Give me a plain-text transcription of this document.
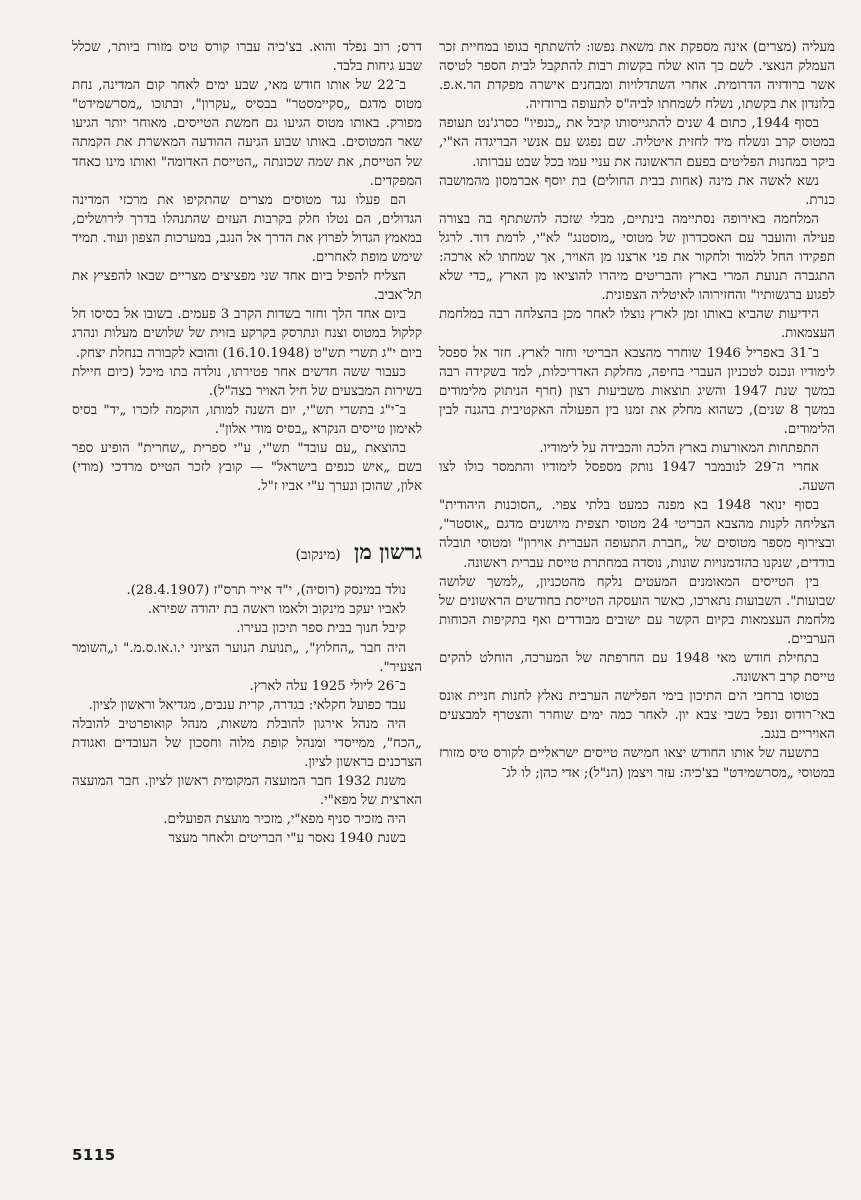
מעליה (מצרים) אינה מספקת את משאת נפשו: להשתתף בגופו במחיית זכר העמלק הנאצי. לשם כך הוא שלח בקשות רבות להתקבל לבית הספר לטיסה אשר ברודזיה הדרומית. אחרי השתדלויות ומבחנים אישרה מפקדת הר.א.פ. בלונדון את בקשתו, נשלח לשמחתו לביה"ס לתעופה ברודזיה.

בסוף 1944, כתום 4 שנים להתגייסותו קיבל את „כנפיו" כסרג'נט תעופה במטוס קרב ונשלח מיד לחזית איטליה. שם נפגש עם אנשי הבריגדה הא"י, ביקר במחנות הפליטים בפעם הראשונה את עניי עמו בכל שבט עברותו.

נשא לאשה את מינה (אחות בבית החולים) בת יוסף אברמסון מהמושבה כנרת.

המלחמה באירופה נסתיימה בינתיים, מבלי שזכה להשתתף בה בצורה פעילה והועבר עם האסכדרון של מטוסי „מוסטנג" לא"י, לרמת דוד. לרגל תפקידו החל ללמוד ולחקור את פני ארצנו מן האויר, אך שמחתו לא ארכה: התגברה תנועת המרי בארץ והבריטים מיהרו להוציאו מן הארץ „כדי שלא לפגוע ברגשותיו" והחזירוהו לאיטליה הצפונית.

הידיעות שהביא באותו זמן לארץ נוצלו לאחר מכן בהצלחה רבה במלחמת העצמאות.

ב־31 באפריל 1946 שוחרר מהצבא הבריטי וחזר לארץ. חזר אל ספסל לימודיו ונכנס לטכניון העברי בחיפה, מחלקת האדריכלות, למד בשקידה רבה במשך שנת 1947 והשיג תוצאות משביעות רצון (חרף הניתוק מלימודים במשך 8 שנים), כשהוא מחלק את זמנו בין הפעולה האקטיבית בהגנה לבין הלימודים.

התפתחות המאורעות בארץ הלכה והכבידה על לימודיו.

אחרי ה־29 לנובמבר 1947 נותק מספסל לימודיו והתמסר כולו לצו השעה.

בסוף ינואר 1948 בא מפנה כמעט בלתי צפוי. „הסוכנות היהודית" הצליחה לקנות מהצבא הבריטי 24 מטוסי תצפית מיושנים מדגם „אוסטר", ובצירוף מספר מטוסים של „חברת התעופה העברית אוירון" ומטוסי תובלה בודדים, שנקנו בהזדמנויות שונות, נוסדה במחתרת טייסת עברית ראשונה.

בין הטייסים המאומנים המעטים נלקח מהטכניון, „למשך שלושה שבועות". השבועות נתארכו, כאשר הועסקה הטייסת בחודשים הראשונים של מלחמת העצמאות בקיום הקשר עם ישובים מבודדים ואף בתקיפות הכוחות הערביים.

בתחילת חודש מאי 1948 עם החרפתה של המערכה, הוחלט להקים טייסת קרב ראשונה.

בטוסו ברחבי הים התיכון בימי הפלישה הערבית נאלץ לחנות חניית אונס באי־רודוס ונפל בשבי צבא יון. לאחר כמה ימים שוחרר והצטרף למבצעים האויריים בנגב.

בתשעה של אותו החודש יצאו חמישה טייסים ישראליים לקורס טיס מזורז במטוסי „מסרשמידט" בצ'כיה: עזר ויצמן (הנ"ל); אדי כהן; לו לג־

דרס; רוב נפלד והוא. בצ'כיה עברו קורס טיס מזורז ביותר, שכלל שבע גיחות בלבד.

ב־22 של אותו חודש מאי, שבע ימים לאחר קום המדינה, נחת מטוס מדגם „סקיימסטר" בבסיס „עקרון", ובתוכו „מסרשמידט" מפורק. באותו מטוס הגיעו גם חמשת הטייסים. מאוחר יותר הגיעו שאר המטוסים. באותו שבוע הגיעה ההודעה המאשרת את הקמתה של הטייסת, את שמה שכונתה „הטייסת האדומה" ואותו מינו כאחד המפקדים.

הם פעלו נגד מטוסים מצרים שהתקיפו את מרכזי המדינה הגדולים, הם נטלו חלק בקרבות העזים שהתנהלו בדרך לירושלים, במאמץ הגדול לפרוץ את הדרך אל הנגב, במערכות הצפון ועוד. תמיד שימש מופת לאחרים.

הצליח להפיל ביום אחד שני מפציצים מצריים שבאו להפציץ את תל־אביב.

ביום אחד הלך וחזר בשדות הקרב 3 פעמים. בשובו אל בסיסו חל קלקול במטוס וצנח ונתרסק בקרקע בזוית של שלושים מעלות ונהרג ביום י"ג תשרי תש"ט (16.10.1948) והובא לקבורה בנחלת יצחק.

כעבור ששה חדשים אחר פטירתו, נולדה בתו מיכל (כיום חיילת בשירות המבצעים של חיל האויר בצה"ל).

ב־י"ג בתשרי תש"י, יום השנה למותו, הוקמה לזכרו „יד" בסיס לאימון טייסים הנקרא „בסיס מודי אלון".

בהוצאת „עם עובד" תש"י, ע"י ספרית „שחרית" הופיע ספר בשם „איש כנפים בישראל" — קובץ לזכר הטייס מרדכי (מודי) אלון, שהוכן ונערך ע"י אביו ז"ל.

גרשון מן (מינקוב)

נולד במינסק (רוסיה), י"ד אייר תרס"ז (28.4.1907).

לאביו יעקב מינקוב ולאמו ראשה בת יהודה שפירא.

קיבל חנוך בבית ספר תיכון בעירו.

היה חבר „החלוץ", „תנועת הנוער הציוני י.ו.או.ס.מ." ו„השומר הצעיר".

ב־26 ליולי 1925 עלה לארץ.

עבד כפועל חקלאי: בגדרה, קרית ענבים, מגדיאל וראשון לציון.

היה מנהל אירגון להובלת משאות, מנהל קואופרטיב להובלה „הכח", ממייסדי ומנהל קופת מלוה וחסכון של העובדים ואגודת הצרכנים בראשון לציון.

משנת 1932 חבר המועצה המקומית ראשון לציון. חבר המועצה הארצית של מפא"י.

היה מזכיר סניף מפא"י, מזכיר מועצת הפועלים.

בשנת 1940 נאסר ע"י הבריטים ולאחר מעצר

5115
